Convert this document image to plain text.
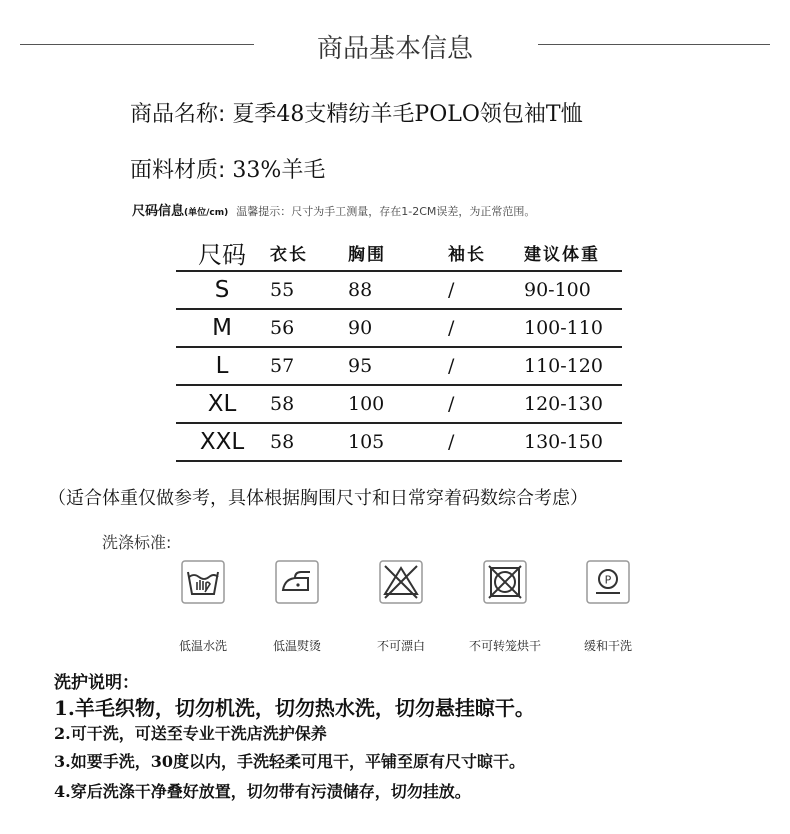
商品基本信息
商品名称: 夏季48支精纺羊毛POLO领包袖T恤
面料材质: 33%羊毛
尺码信息(单位/cm) 温馨提示：尺寸为手工测量，存在1-2CM误差，为正常范围。
尺码	衣长	胸围	袖长	建议体重
S	55	88	/	90-100
M	56	90	/	100-110
L	57	95	/	110-120
XL	58	100	/	120-130
XXL	58	105	/	130-150
（适合体重仅做参考，具体根据胸围尺寸和日常穿着码数综合考虑）
洗涤标准:
P
低温水洗	低温熨烫	不可漂白	不可转笼烘干	缓和干洗
洗护说明：
1.羊毛织物，切勿机洗，切勿热水洗，切勿悬挂晾干。
2.可干洗，可送至专业干洗店洗护保养
3.如要手洗，30度以内，手洗轻柔可甩干，平铺至原有尺寸晾干。
4.穿后洗涤干净叠好放置，切勿带有污渍储存，切勿挂放。
